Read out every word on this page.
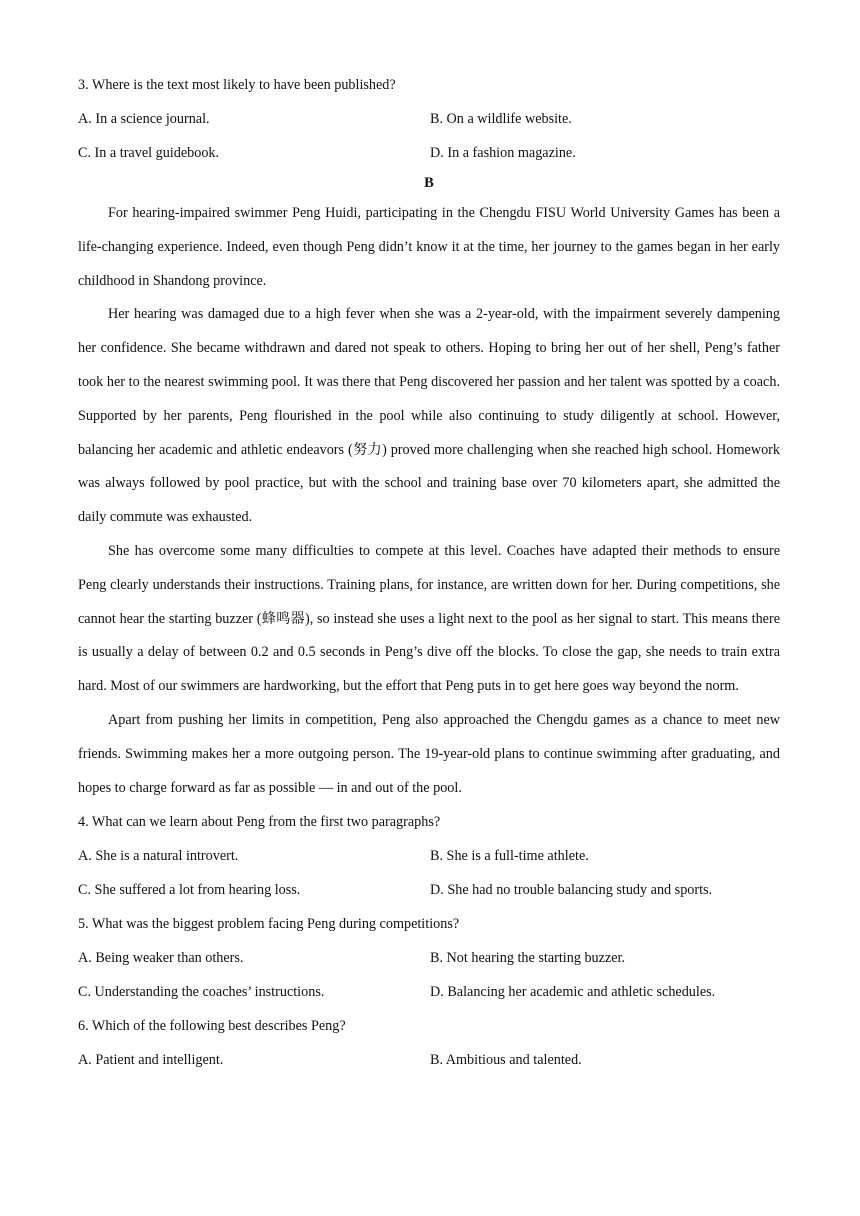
3. Where is the text most likely to have been published?
A. In a science journal.	B. On a wildlife website.
C. In a travel guidebook.	D. In a fashion magazine.
B

For hearing-impaired swimmer Peng Huidi, participating in the Chengdu FISU World University Games has been a life-changing experience. Indeed, even though Peng didn’t know it at the time, her journey to the games began in her early childhood in Shandong province.

Her hearing was damaged due to a high fever when she was a 2-year-old, with the impairment severely dampening her confidence. She became withdrawn and dared not speak to others. Hoping to bring her out of her shell, Peng’s father took her to the nearest swimming pool. It was there that Peng discovered her passion and her talent was spotted by a coach. Supported by her parents, Peng flourished in the pool while also continuing to study diligently at school. However, balancing her academic and athletic endeavors (努力) proved more challenging when she reached high school. Homework was always followed by pool practice, but with the school and training base over 70 kilometers apart, she admitted the daily commute was exhausted.

She has overcome some many difficulties to compete at this level. Coaches have adapted their methods to ensure Peng clearly understands their instructions. Training plans, for instance, are written down for her. During competitions, she cannot hear the starting buzzer (蜂鸣器), so instead she uses a light next to the pool as her signal to start. This means there is usually a delay of between 0.2 and 0.5 seconds in Peng’s dive off the blocks. To close the gap, she needs to train extra hard. Most of our swimmers are hardworking, but the effort that Peng puts in to get here goes way beyond the norm.

Apart from pushing her limits in competition, Peng also approached the Chengdu games as a chance to meet new friends. Swimming makes her a more outgoing person. The 19-year-old plans to continue swimming after graduating, and hopes to charge forward as far as possible — in and out of the pool.

4. What can we learn about Peng from the first two paragraphs?
A. She is a natural introvert.	B. She is a full-time athlete.
C. She suffered a lot from hearing loss.	D. She had no trouble balancing study and sports.
5. What was the biggest problem facing Peng during competitions?
A. Being weaker than others.	B. Not hearing the starting buzzer.
C. Understanding the coaches’ instructions.	D. Balancing her academic and athletic schedules.
6. Which of the following best describes Peng?
A. Patient and intelligent.	B. Ambitious and talented.
